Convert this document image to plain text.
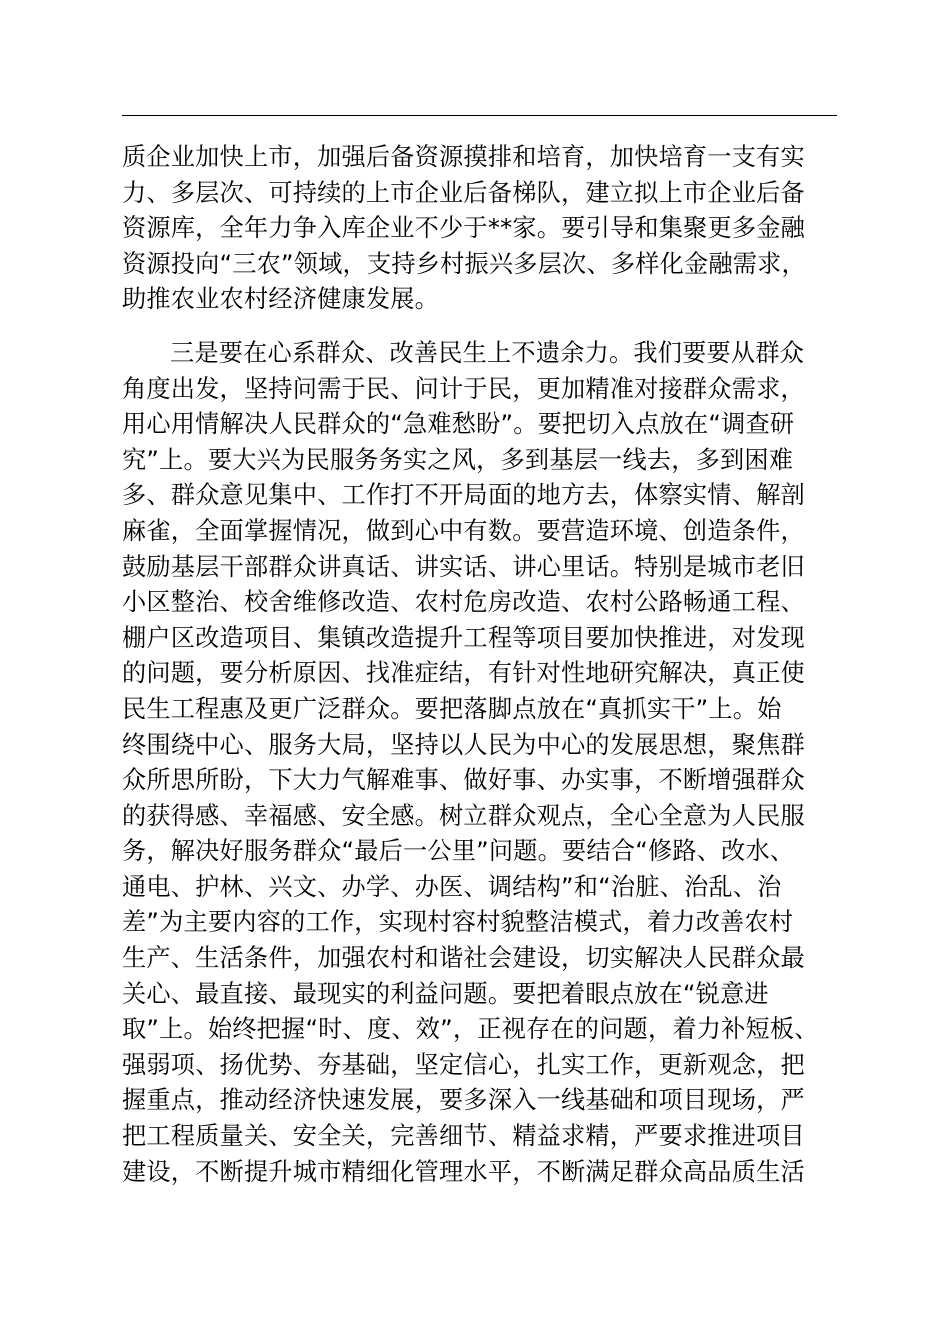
质企业加快上市，加强后备资源摸排和培育，加快培育一支有实
力、多层次、可持续的上市企业后备梯队，建立拟上市企业后备
资源库，全年力争入库企业不少于**家。要引导和集聚更多金融
资源投向“三农”领域，支持乡村振兴多层次、多样化金融需求，
助推农业农村经济健康发展。

三是要在心系群众、改善民生上不遗余力。我们要要从群众
角度出发，坚持问需于民、问计于民，更加精准对接群众需求，
用心用情解决人民群众的“急难愁盼”。要把切入点放在“调查研
究”上。要大兴为民服务务实之风，多到基层一线去，多到困难
多、群众意见集中、工作打不开局面的地方去，体察实情、解剖
麻雀，全面掌握情况，做到心中有数。要营造环境、创造条件，
鼓励基层干部群众讲真话、讲实话、讲心里话。特别是城市老旧
小区整治、校舍维修改造、农村危房改造、农村公路畅通工程、
棚户区改造项目、集镇改造提升工程等项目要加快推进，对发现
的问题，要分析原因、找准症结，有针对性地研究解决，真正使
民生工程惠及更广泛群众。要把落脚点放在“真抓实干”上。始
终围绕中心、服务大局，坚持以人民为中心的发展思想，聚焦群
众所思所盼，下大力气解难事、做好事、办实事，不断增强群众
的获得感、幸福感、安全感。树立群众观点，全心全意为人民服
务，解决好服务群众“最后一公里”问题。要结合“修路、改水、
通电、护林、兴文、办学、办医、调结构”和“治脏、治乱、治
差”为主要内容的工作，实现村容村貌整洁模式，着力改善农村
生产、生活条件，加强农村和谐社会建设，切实解决人民群众最
关心、最直接、最现实的利益问题。要把着眼点放在“锐意进
取”上。始终把握“时、度、效”，正视存在的问题，着力补短板、
强弱项、扬优势、夯基础，坚定信心，扎实工作，更新观念，把
握重点，推动经济快速发展，要多深入一线基础和项目现场，严
把工程质量关、安全关，完善细节、精益求精，严要求推进项目
建设，不断提升城市精细化管理水平，不断满足群众高品质生活
